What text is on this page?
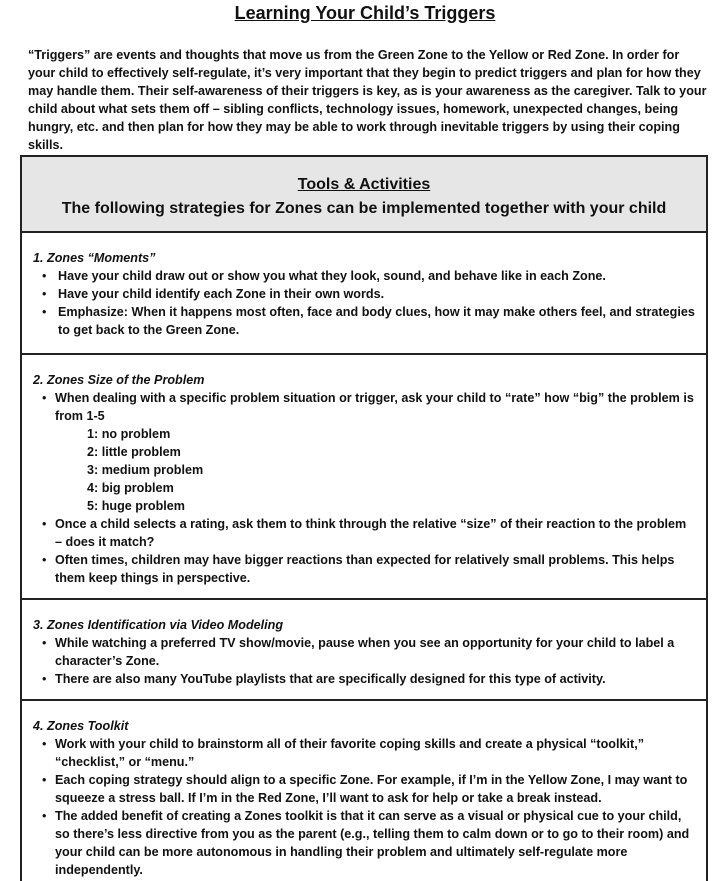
Learning Your Child’s Triggers

“Triggers” are events and thoughts that move us from the Green Zone to the Yellow or Red Zone. In order for your child to effectively self-regulate, it’s very important that they begin to predict triggers and plan for how they may handle them. Their self-awareness of their triggers is key, as is your awareness as the caregiver. Talk to your child about what sets them off – sibling conflicts, technology issues, homework, unexpected changes, being hungry, etc. and then plan for how they may be able to work through inevitable triggers by using their coping skills.

Tools & Activities
The following strategies for Zones can be implemented together with your child
1. Zones “Moments”
• Have your child draw out or show you what they look, sound, and behave like in each Zone.
• Have your child identify each Zone in their own words.
• Emphasize: When it happens most often, face and body clues, how it may make others feel, and strategies to get back to the Green Zone.
2. Zones Size of the Problem
• When dealing with a specific problem situation or trigger, ask your child to “rate” how “big” the problem is from 1-5
1: no problem
2: little problem
3: medium problem
4: big problem
5: huge problem
• Once a child selects a rating, ask them to think through the relative “size” of their reaction to the problem – does it match?
• Often times, children may have bigger reactions than expected for relatively small problems. This helps them keep things in perspective.
3. Zones Identification via Video Modeling
• While watching a preferred TV show/movie, pause when you see an opportunity for your child to label a character’s Zone.
• There are also many YouTube playlists that are specifically designed for this type of activity.
4. Zones Toolkit
• Work with your child to brainstorm all of their favorite coping skills and create a physical “toolkit,” “checklist,” or “menu.”
• Each coping strategy should align to a specific Zone. For example, if I’m in the Yellow Zone, I may want to squeeze a stress ball. If I’m in the Red Zone, I’ll want to ask for help or take a break instead.
• The added benefit of creating a Zones toolkit is that it can serve as a visual or physical cue to your child, so there’s less directive from you as the parent (e.g., telling them to calm down or to go to their room) and your child can be more autonomous in handling their problem and ultimately self-regulate more independently.
